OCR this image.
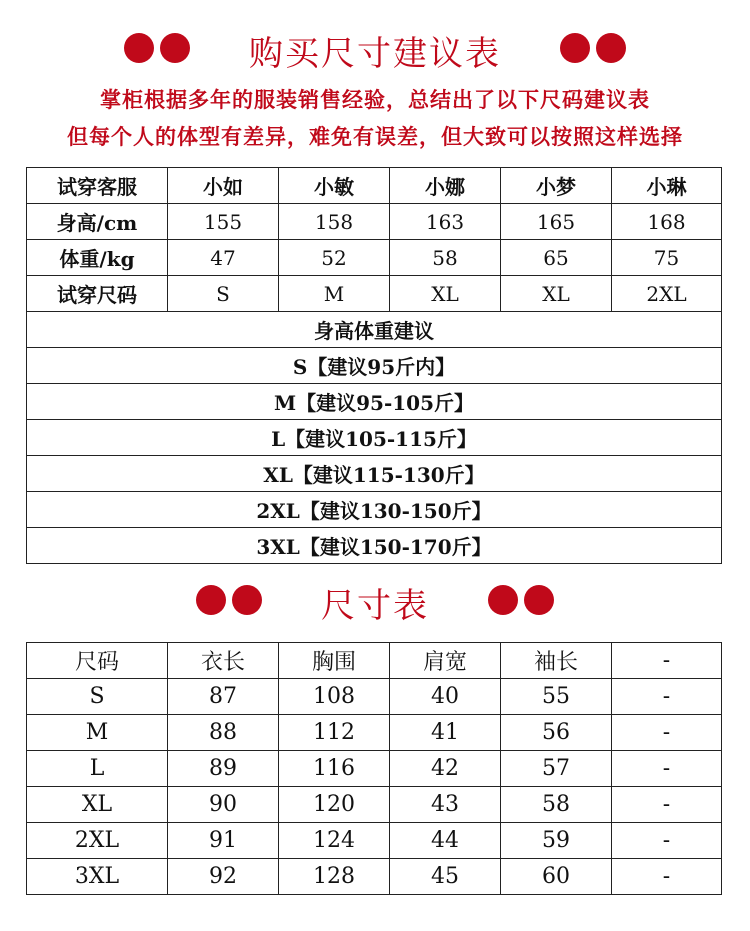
购买尺寸建议表
掌柜根据多年的服装销售经验，总结出了以下尺码建议表
但每个人的体型有差异，难免有误差，但大致可以按照这样选择
试穿客服	小如	小敏	小娜	小梦	小琳
身高/cm	155	158	163	165	168
体重/kg	47	52	58	65	75
试穿尺码	S	M	XL	XL	2XL
身高体重建议					
S【建议95斤内】					
M【建议95-105斤】					
L【建议105-115斤】					
XL【建议115-130斤】					
2XL【建议130-150斤】					
3XL【建议150-170斤】					
尺寸表
尺码	衣长	胸围	肩宽	袖长	-
S	87	108	40	55	-
M	88	112	41	56	-
L	89	116	42	57	-
XL	90	120	43	58	-
2XL	91	124	44	59	-
3XL	92	128	45	60	-
